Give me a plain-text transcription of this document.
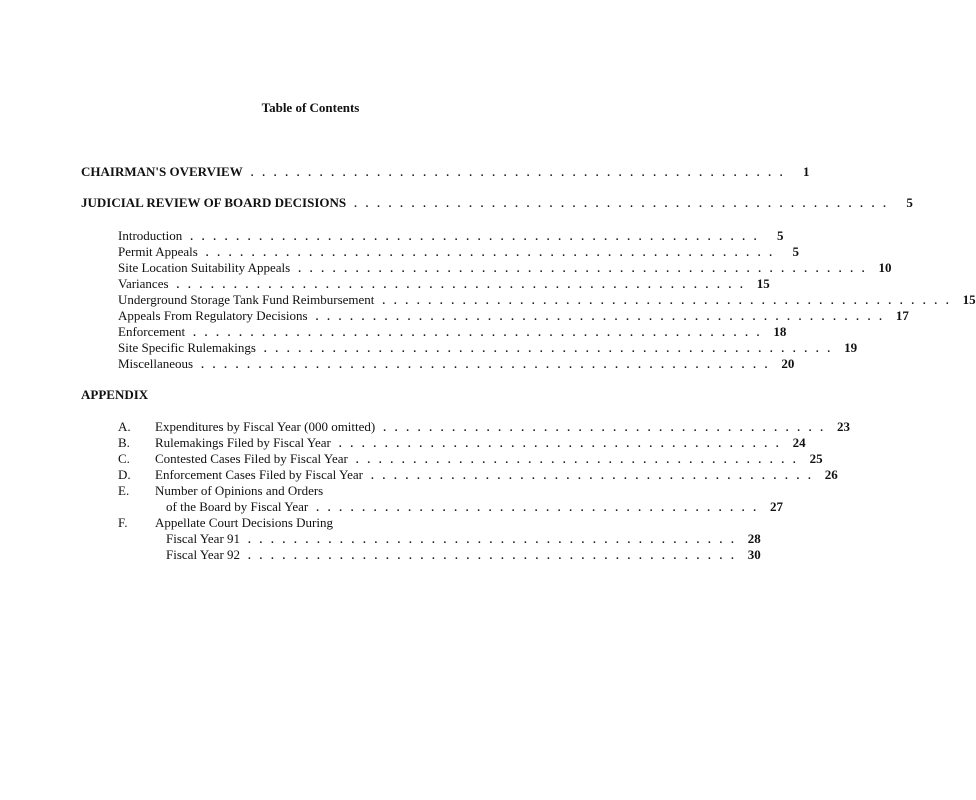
Table of Contents
CHAIRMAN'S OVERVIEW . . . . . . . . . . . . . . . . . . . . . . . . . . . . . . . . . . . . . . . . . . . . . . .	1
JUDICIAL REVIEW OF BOARD DECISIONS . . . . . . . . . . . . . . . . . . . . . . . . . . . . . . . . . . . . . . . . . . . . . . .	5
Introduction . . . . . . . . . . . . . . . . . . . . . . . . . . . . . . . . . . . . . . . . . . . . . . . . . .	5
Permit Appeals . . . . . . . . . . . . . . . . . . . . . . . . . . . . . . . . . . . . . . . . . . . . . . . . . .	5
Site Location Suitability Appeals . . . . . . . . . . . . . . . . . . . . . . . . . . . . . . . . . . . . . . . . . . . . . . . . . . 10
Variances . . . . . . . . . . . . . . . . . . . . . . . . . . . . . . . . . . . . . . . . . . . . . . . . . . 15
Underground Storage Tank Fund Reimbursement . . . . . . . . . . . . . . . . . . . . . . . . . . . . . . . . . . . . . . . . . . . . . . . . . . 15
Appeals From Regulatory Decisions . . . . . . . . . . . . . . . . . . . . . . . . . . . . . . . . . . . . . . . . . . . . . . . . . . 17
Enforcement . . . . . . . . . . . . . . . . . . . . . . . . . . . . . . . . . . . . . . . . . . . . . . . . . . 18
Site Specific Rulemakings . . . . . . . . . . . . . . . . . . . . . . . . . . . . . . . . . . . . . . . . . . . . . . . . . . 19
Miscellaneous . . . . . . . . . . . . . . . . . . . . . . . . . . . . . . . . . . . . . . . . . . . . . . . . . . 20
APPENDIX
A. Expenditures by Fiscal Year (000 omitted) . . . . . . . . . . . . . . . . . . . . . . . . . . . . . . . . . . . . . . . 23
B. Rulemakings Filed by Fiscal Year . . . . . . . . . . . . . . . . . . . . . . . . . . . . . . . . . . . . . . . 24
C. Contested Cases Filed by Fiscal Year . . . . . . . . . . . . . . . . . . . . . . . . . . . . . . . . . . . . . . . 25
D. Enforcement Cases Filed by Fiscal Year . . . . . . . . . . . . . . . . . . . . . . . . . . . . . . . . . . . . . . . 26
E. Number of Opinions and Orders
of the Board by Fiscal Year . . . . . . . . . . . . . . . . . . . . . . . . . . . . . . . . . . . . . . . 27
F. Appellate Court Decisions During
Fiscal Year 91 . . . . . . . . . . . . . . . . . . . . . . . . . . . . . . . . . . . . . . . . . . . 28
Fiscal Year 92 . . . . . . . . . . . . . . . . . . . . . . . . . . . . . . . . . . . . . . . . . . . 30
